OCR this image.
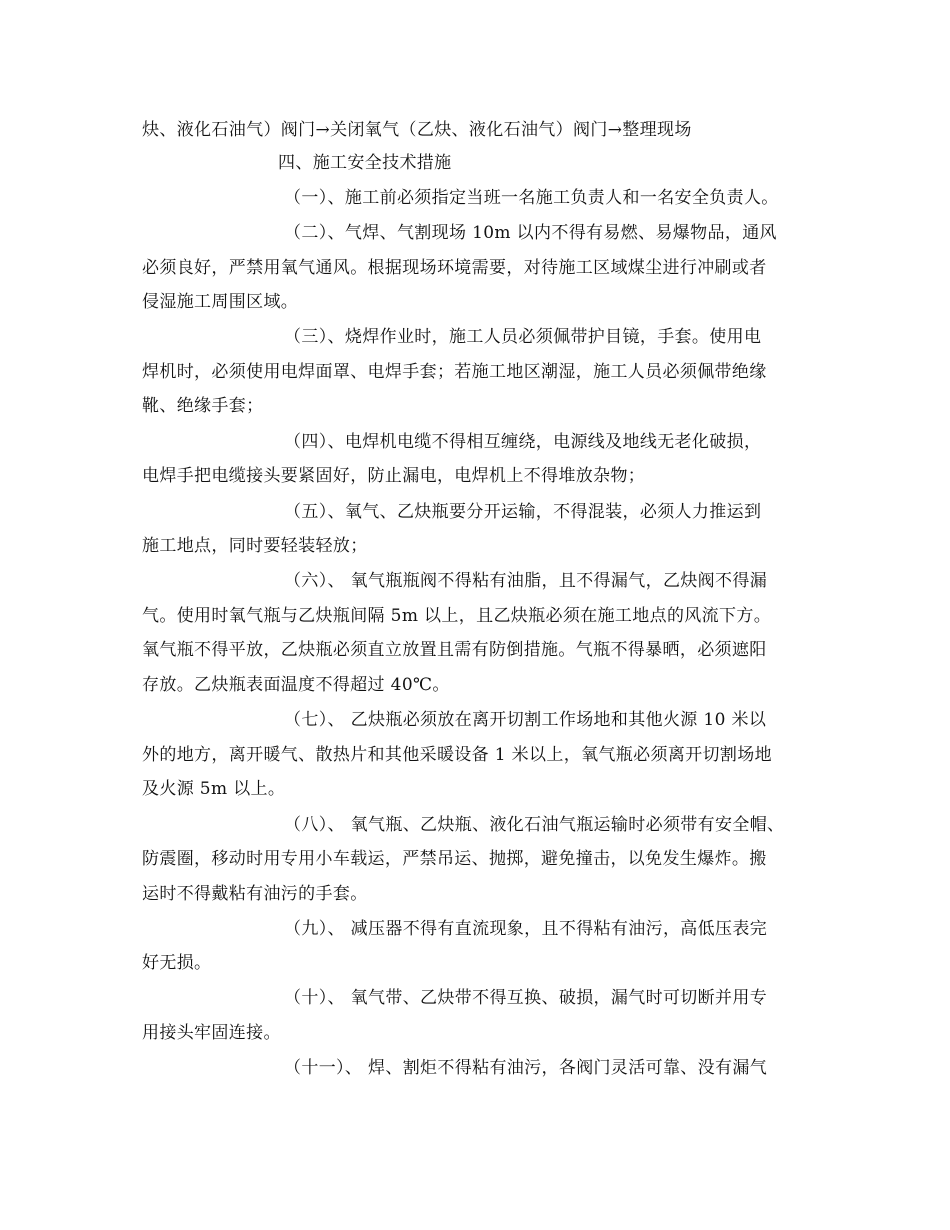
炔、液化石油气）阀门→关闭氧气（乙炔、液化石油气）阀门→整理现场
四、施工安全技术措施
（一）、施工前必须指定当班一名施工负责人和一名安全负责人。
（二）、气焊、气割现场 10m 以内不得有易燃、易爆物品，通风
必须良好，严禁用氧气通风。根据现场环境需要，对待施工区域煤尘进行冲刷或者
侵湿施工周围区域。
（三）、烧焊作业时，施工人员必须佩带护目镜，手套。使用电
焊机时，必须使用电焊面罩、电焊手套；若施工地区潮湿，施工人员必须佩带绝缘
靴、绝缘手套；
（四）、电焊机电缆不得相互缠绕，电源线及地线无老化破损，
电焊手把电缆接头要紧固好，防止漏电，电焊机上不得堆放杂物；
（五）、氧气、乙炔瓶要分开运输，不得混装，必须人力推运到
施工地点，同时要轻装轻放；
（六）、 氧气瓶瓶阀不得粘有油脂，且不得漏气，乙炔阀不得漏
气。使用时氧气瓶与乙炔瓶间隔 5m 以上，且乙炔瓶必须在施工地点的风流下方。
氧气瓶不得平放，乙炔瓶必须直立放置且需有防倒措施。气瓶不得暴晒，必须遮阳
存放。乙炔瓶表面温度不得超过 40℃。
（七）、 乙炔瓶必须放在离开切割工作场地和其他火源 10 米以
外的地方，离开暖气、散热片和其他采暖设备 1 米以上，氧气瓶必须离开切割场地
及火源 5m 以上。
（八）、 氧气瓶、乙炔瓶、液化石油气瓶运输时必须带有安全帽、
防震圈，移动时用专用小车载运，严禁吊运、抛掷，避免撞击，以免发生爆炸。搬
运时不得戴粘有油污的手套。
（九）、 减压器不得有直流现象，且不得粘有油污，高低压表完
好无损。
（十）、 氧气带、乙炔带不得互换、破损，漏气时可切断并用专
用接头牢固连接。
（十一）、 焊、割炬不得粘有油污，各阀门灵活可靠、没有漏气
